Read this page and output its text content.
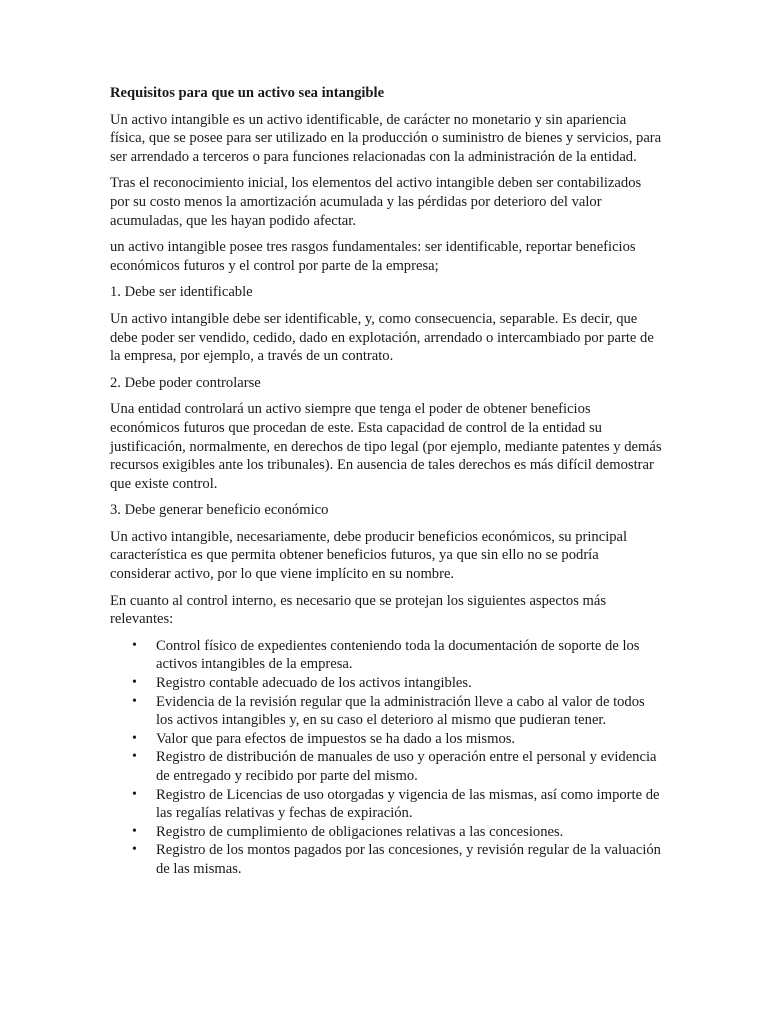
Requisitos para que un activo sea intangible
Un activo intangible es un activo identificable, de carácter no monetario y sin apariencia física, que se posee para ser utilizado en la producción o suministro de bienes y servicios, para ser arrendado a terceros o para funciones relacionadas con la administración de la entidad.
Tras el reconocimiento inicial, los elementos del activo intangible deben ser contabilizados por su costo menos la amortización acumulada y las pérdidas por deterioro del valor acumuladas, que les hayan podido afectar.
un activo intangible posee tres rasgos fundamentales: ser identificable, reportar beneficios económicos futuros y el control por parte de la empresa;
1. Debe ser identificable
Un activo intangible debe ser identificable, y, como consecuencia, separable. Es decir, que debe poder ser vendido, cedido, dado en explotación, arrendado o intercambiado por parte de la empresa, por ejemplo, a través de un contrato.
2. Debe poder controlarse
Una entidad controlará un activo siempre que tenga el poder de obtener beneficios económicos futuros que procedan de este. Esta capacidad de control de la entidad su justificación, normalmente, en derechos de tipo legal (por ejemplo, mediante patentes y demás recursos exigibles ante los tribunales). En ausencia de tales derechos es más difícil demostrar que existe control.
3. Debe generar beneficio económico
Un activo intangible, necesariamente, debe producir beneficios económicos, su principal característica es que permita obtener beneficios futuros, ya que sin ello no se podría considerar activo, por lo que viene implícito en su nombre.
En cuanto al control interno, es necesario que se protejan los siguientes aspectos más relevantes:
• Control físico de expedientes conteniendo toda la documentación de soporte de los activos intangibles de la empresa.
• Registro contable adecuado de los activos intangibles.
• Evidencia de la revisión regular que la administración lleve a cabo al valor de todos los activos intangibles y, en su caso el deterioro al mismo que pudieran tener.
• Valor que para efectos de impuestos se ha dado a los mismos.
• Registro de distribución de manuales de uso y operación entre el personal y evidencia de entregado y recibido por parte del mismo.
• Registro de Licencias de uso otorgadas y vigencia de las mismas, así como importe de las regalías relativas y fechas de expiración.
• Registro de cumplimiento de obligaciones relativas a las concesiones.
• Registro de los montos pagados por las concesiones, y revisión regular de la valuación de las mismas.
